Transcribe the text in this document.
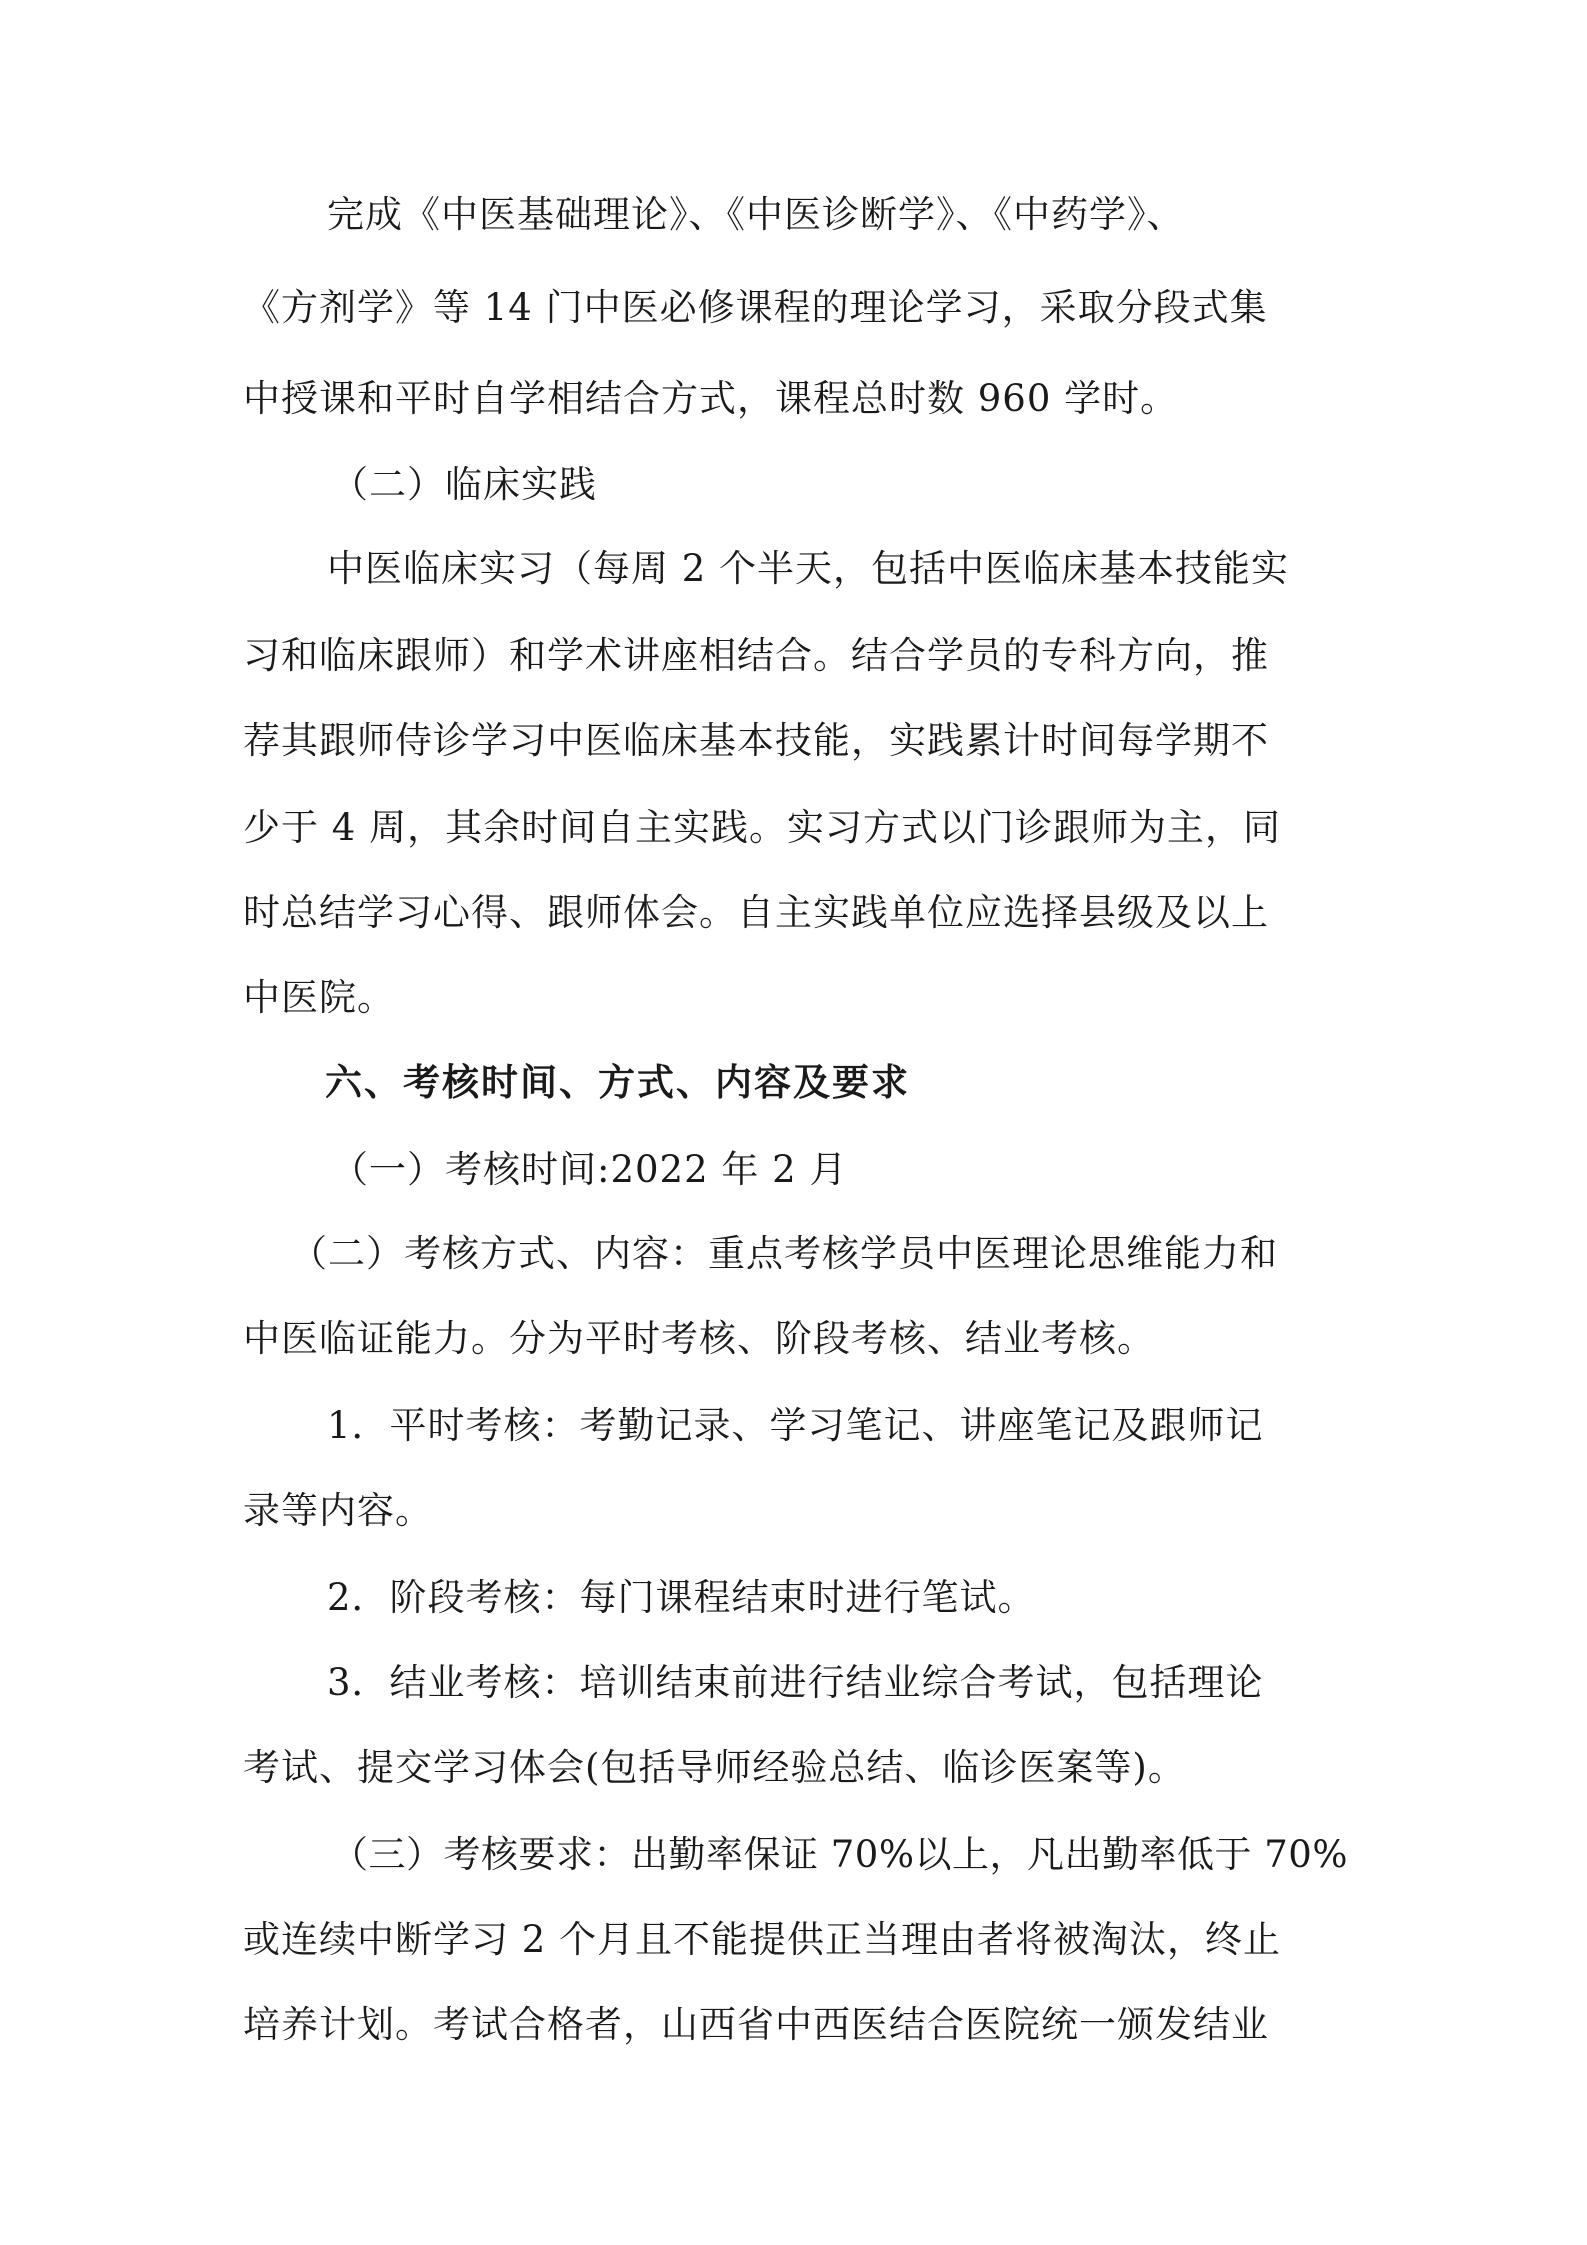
完成《中医基础理论》、《中医诊断学》、《中药学》、
《方剂学》等 14 门中医必修课程的理论学习，采取分段式集
中授课和平时自学相结合方式，课程总时数 960 学时。
（二）临床实践
中医临床实习（每周 2 个半天，包括中医临床基本技能实
习和临床跟师）和学术讲座相结合。结合学员的专科方向，推
荐其跟师侍诊学习中医临床基本技能，实践累计时间每学期不
少于 4 周，其余时间自主实践。实习方式以门诊跟师为主，同
时总结学习心得、跟师体会。自主实践单位应选择县级及以上
中医院。
六、考核时间、方式、内容及要求
（一）考核时间:2022 年 2 月
（二）考核方式、内容：重点考核学员中医理论思维能力和
中医临证能力。分为平时考核、阶段考核、结业考核。
1．平时考核：考勤记录、学习笔记、讲座笔记及跟师记
录等内容。
2．阶段考核：每门课程结束时进行笔试。
3．结业考核：培训结束前进行结业综合考试，包括理论
考试、提交学习体会(包括导师经验总结、临诊医案等)。
（三）考核要求：出勤率保证 70%以上，凡出勤率低于 70%
或连续中断学习 2 个月且不能提供正当理由者将被淘汰，终止
培养计划。考试合格者，山西省中西医结合医院统一颁发结业
